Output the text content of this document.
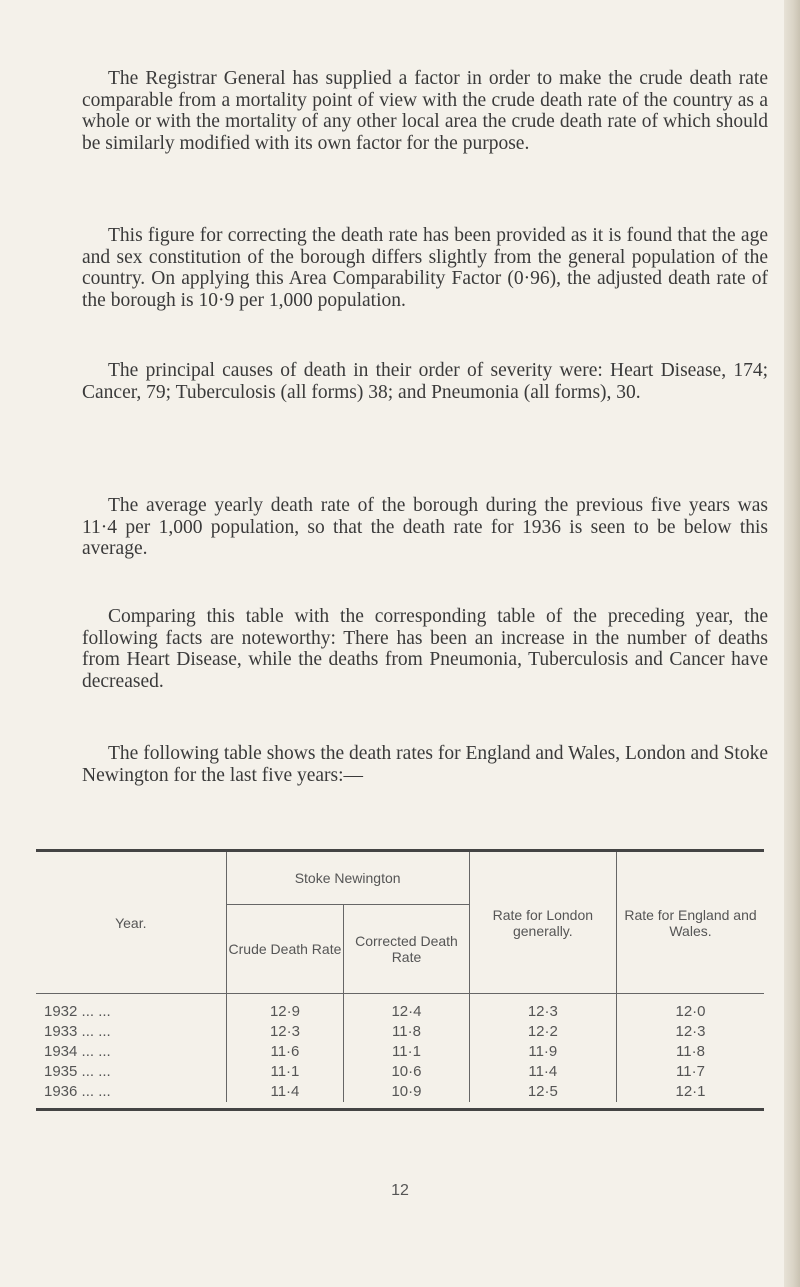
The Registrar General has supplied a factor in order to make the crude death rate comparable from a mortality point of view with the crude death rate of the country as a whole or with the mortality of any other local area the crude death rate of which should be similarly modified with its own factor for the purpose.

This figure for correcting the death rate has been provided as it is found that the age and sex constitution of the borough differs slightly from the general population of the country. On applying this Area Comparability Factor (0·96), the adjusted death rate of the borough is 10·9 per 1,000 population.

The principal causes of death in their order of severity were: Heart Disease, 174; Cancer, 79; Tuberculosis (all forms) 38; and Pneumonia (all forms), 30.

The average yearly death rate of the borough during the previous five years was 11·4 per 1,000 population, so that the death rate for 1936 is seen to be below this average.

Comparing this table with the corresponding table of the preceding year, the following facts are noteworthy: There has been an increase in the number of deaths from Heart Disease, while the deaths from Pneumonia, Tuberculosis and Cancer have decreased.

The following table shows the death rates for England and Wales, London and Stoke Newington for the last five years:—

Year.	Stoke Newington		Rate for London generally.	Rate for England and Wales.
	Crude Death Rate	Corrected Death Rate		

1932 ... ...	12·9	12·4	12·3	12·0
1933 ... ...	12·3	11·8	12·2	12·3
1934 ... ...	11·6	11·1	11·9	11·8
1935 ... ...	11·1	10·6	11·4	11·7
1936 ... ...	11·4	10·9	12·5	12·1
12
